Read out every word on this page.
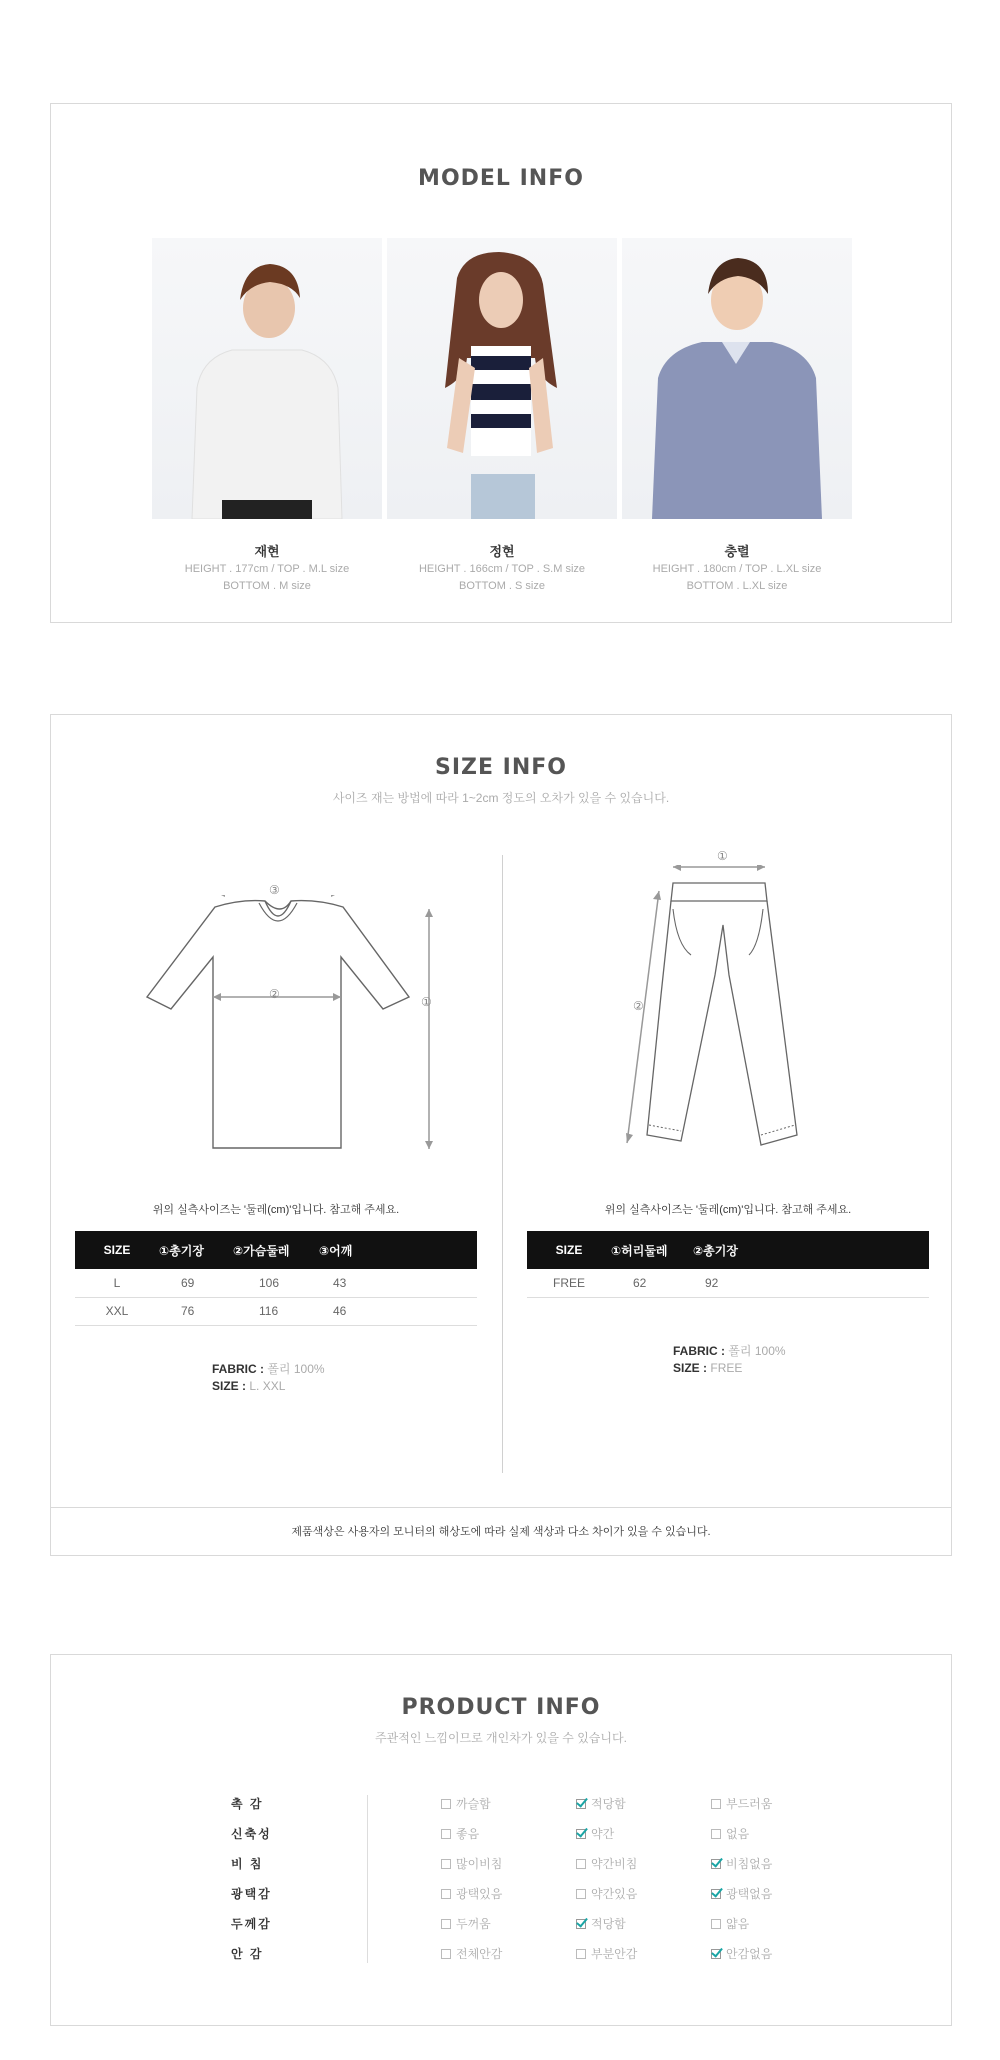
MODEL INFO
재현
HEIGHT . 177cm / TOP . M.L size
BOTTOM . M size
정현
HEIGHT . 166cm / TOP . S.M size
BOTTOM . S size
충렬
HEIGHT . 180cm / TOP . L.XL size
BOTTOM . L.XL size
SIZE INFO
사이즈 재는 방법에 따라 1~2cm 정도의 오차가 있을 수 있습니다.
③
②
①
①
②
위의 실측사이즈는 '둘레(cm)'입니다. 참고해 주세요.
SIZE	①총기장	②가슴둘레	③어깨
L	69	106	43
XXL	76	116	46
FABRIC : 폴리 100%
SIZE : L. XXL
위의 실측사이즈는 '둘레(cm)'입니다. 참고해 주세요.
SIZE	①허리둘레	②총기장
FREE	62	92
FABRIC : 폴리 100%
SIZE : FREE
제품색상은 사용자의 모니터의 해상도에 따라 실제 색상과 다소 차이가 있을 수 있습니다.
PRODUCT INFO
주관적인 느낌이므로 개인차가 있을 수 있습니다.
촉 감	까슬함	적당함	부드러움
신축성	좋음	약간	없음
비 침	많이비침	약간비침	비침없음
광택감	광택있음	약간있음	광택없음
두께감	두꺼움	적당함	얇음
안 감	전체안감	부분안감	안감없음
